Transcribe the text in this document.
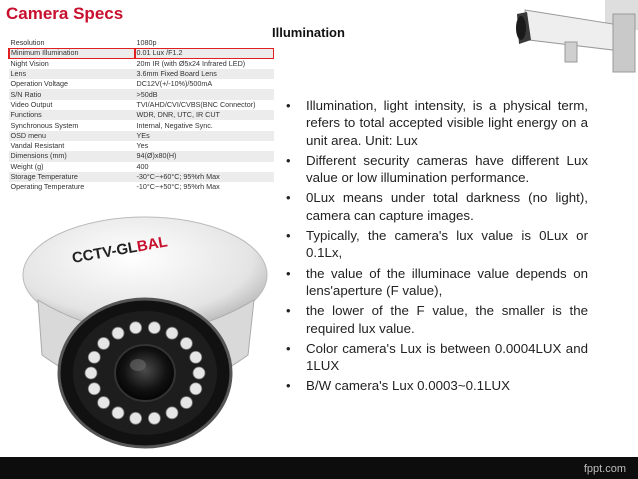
Camera Specs
Illumination
Resolution	1080p
Minimum Illumination	0.01 Lux /F1.2
Night Vision	20m IR (with Ø5x24 Infrared LED)
Lens	3.6mm Fixed Board Lens
Operation Voltage	DC12V(+/-10%)/500mA
S/N Ratio	>50dB
Video Output	TVI/AHD/CVI/CVBS(BNC Connector)
Functions	WDR, DNR, UTC, IR CUT
Synchronous System	Internal, Negative Sync.
OSD menu	YEs
Vandal Resistant	Yes
Dimensions (mm)	94(Ø)x80(H)
Weight (g)	400
Storage Temperature	-30°C~+60°C; 95%rh Max
Operating Temperature	-10°C~+50°C; 95%rh Max
CCTV-GLBAL
• Illumination, light intensity, is a physical term, refers to total accepted visible light energy on a unit area. Unit: Lux
• Different security cameras have different Lux value or low illumination performance.
• 0Lux means under total darkness (no light), camera can capture images.
• Typically, the camera's lux value is 0Lux or 0.1Lx,
• the value of the illuminace value depends on lens'aperture (F value),
• the lower of the F value, the smaller is the required lux value.
• Color camera's Lux is between 0.0004LUX and 1LUX
• B/W camera's Lux 0.0003~0.1LUX
fppt.com
